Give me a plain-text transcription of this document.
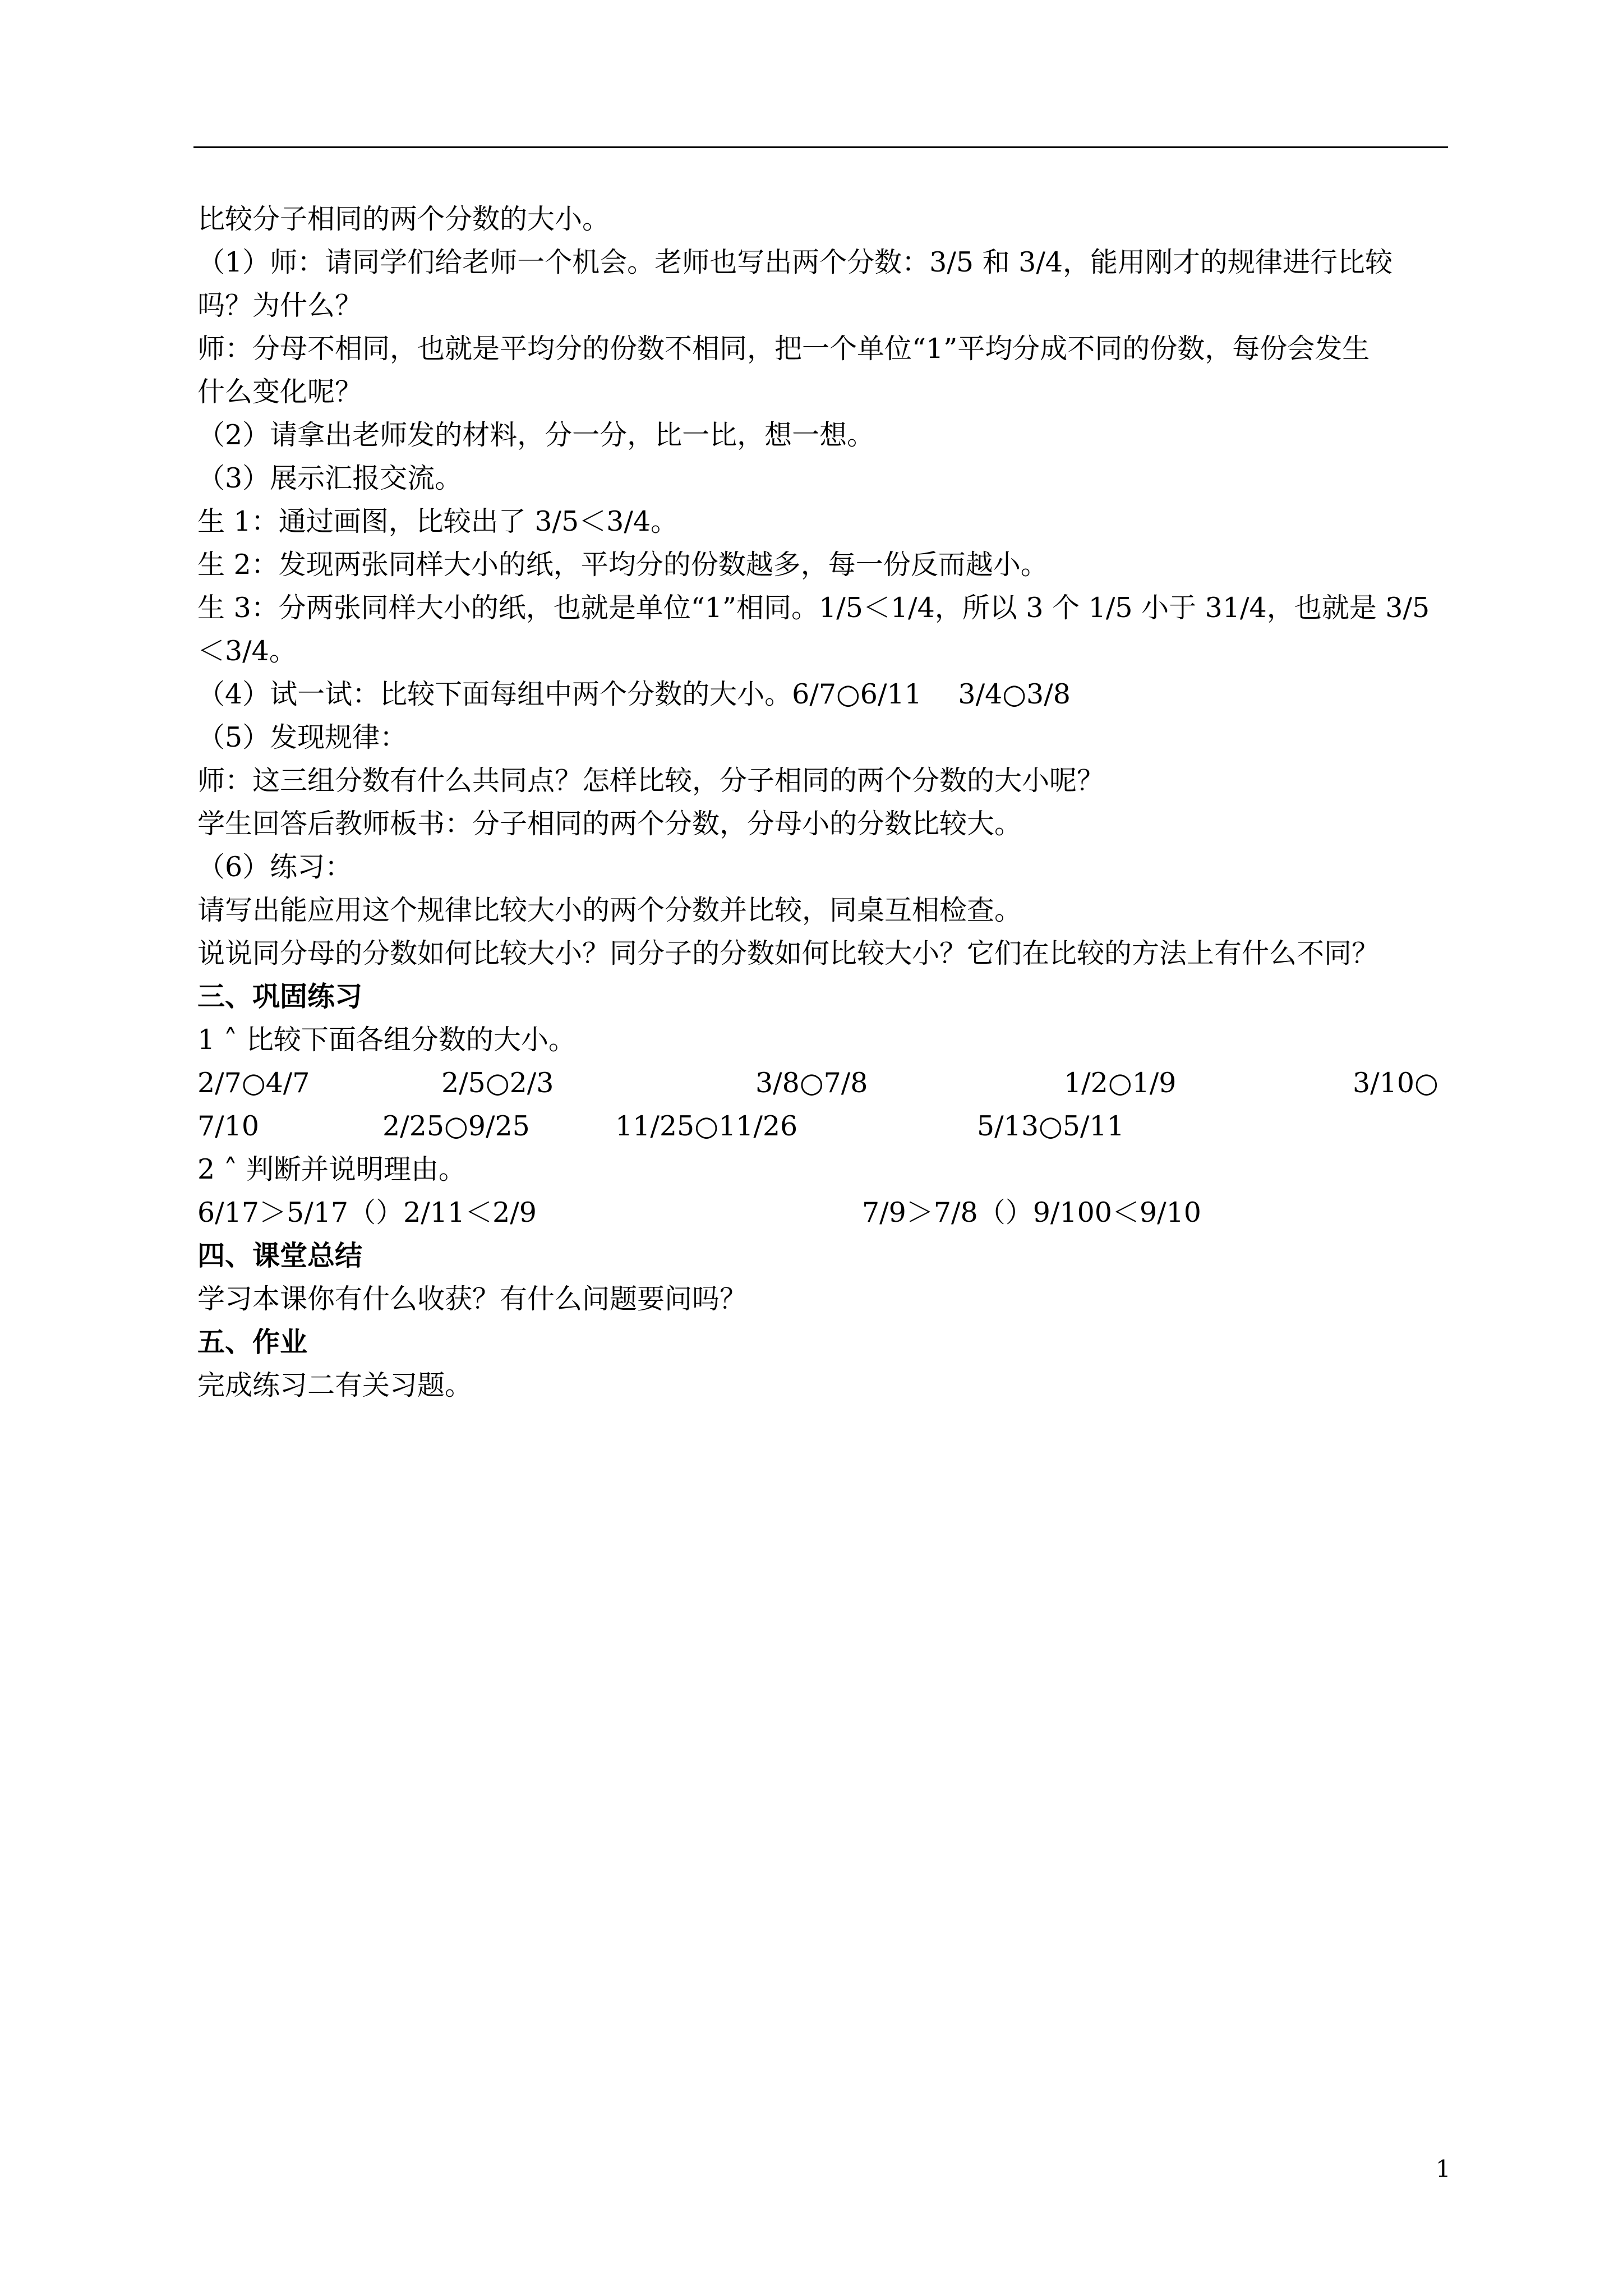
比较分子相同的两个分数的大小。
（1）师：请同学们给老师一个机会。老师也写出两个分数：3/5 和 3/4，能用刚才的规律进行比较
吗？为什么？
师：分母不相同，也就是平均分的份数不相同，把一个单位“1”平均分成不同的份数，每份会发生
什么变化呢？
（2）请拿出老师发的材料，分一分，比一比，想一想。
（3）展示汇报交流。
生 1：通过画图，比较出了 3/5＜3/4。
生 2：发现两张同样大小的纸，平均分的份数越多，每一份反而越小。
生 3：分两张同样大小的纸，也就是单位“1”相同。1/5＜1/4，所以 3 个 1/5 小于 31/4，也就是 3/5
＜3/4。
（4）试一试：比较下面每组中两个分数的大小。6/7○6/11　 3/4○3/8
（5）发现规律：
师：这三组分数有什么共同点？怎样比较，分子相同的两个分数的大小呢？
学生回答后教师板书：分子相同的两个分数，分母小的分数比较大。
（6）练习：
请写出能应用这个规律比较大小的两个分数并比较，同桌互相检查。
说说同分母的分数如何比较大小？同分子的分数如何比较大小？它们在比较的方法上有什么不同？
三、巩固练习
1 ˄ 比较下面各组分数的大小。
2/7○4/7	2/5○2/3	3/8○7/8	1/2○1/9	3/10○
7/10	2/25○9/25	11/25○11/26	5/13○5/11
2 ˄ 判断并说明理由。
6/17＞5/17（）2/11＜2/9	7/9＞7/8（）9/100＜9/10
四、课堂总结
学习本课你有什么收获？有什么问题要问吗？
五、作业
完成练习二有关习题。
1
